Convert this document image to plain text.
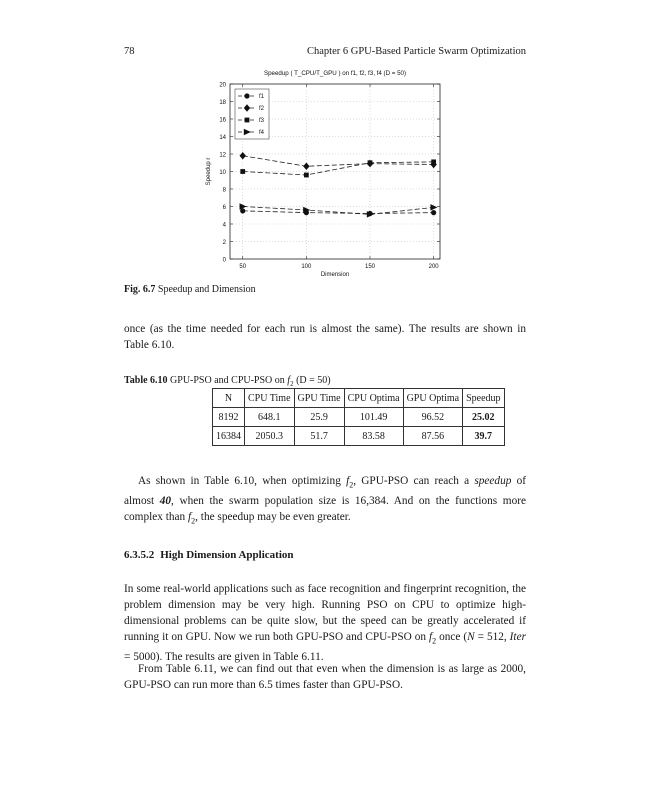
78	Chapter 6 GPU-Based Particle Swarm Optimization
0
2
4
6
8
10
12
14
16
18
20
50	100	150	200
Speedup ( T_CPU/T_GPU ) on f1, f2, f3, f4 (D = 50)
Dimension
Speedup r
f1
f2
f3
f4
Fig. 6.7 Speedup and Dimension

once (as the time needed for each run is almost the same). The results are shown in Table 6.10.

Table 6.10 GPU-PSO and CPU-PSO on $f_2$ (D = 50)
N	CPU Time	GPU Time	CPU Optima	GPU Optima	Speedup
8192	648.1	25.9	101.49	96.52	25.02
16384	2050.3	51.7	83.58	87.56	39.7

As shown in Table 6.10, when optimizing $f_2$, GPU-PSO can reach a speedup of almost 40, when the swarm population size is 16,384. And on the functions more complex than $f_2$, the speedup may be even greater.

6.3.5.2 High Dimension Application

In some real-world applications such as face recognition and fingerprint recognition, the problem dimension may be very high. Running PSO on CPU to optimize high-dimensional problems can be quite slow, but the speed can be greatly accelerated if running it on GPU. Now we run both GPU-PSO and CPU-PSO on $f_2$ once (N = 512, Iter = 5000). The results are given in Table 6.11.

From Table 6.11, we can find out that even when the dimension is as large as 2000, GPU-PSO can run more than 6.5 times faster than GPU-PSO.
